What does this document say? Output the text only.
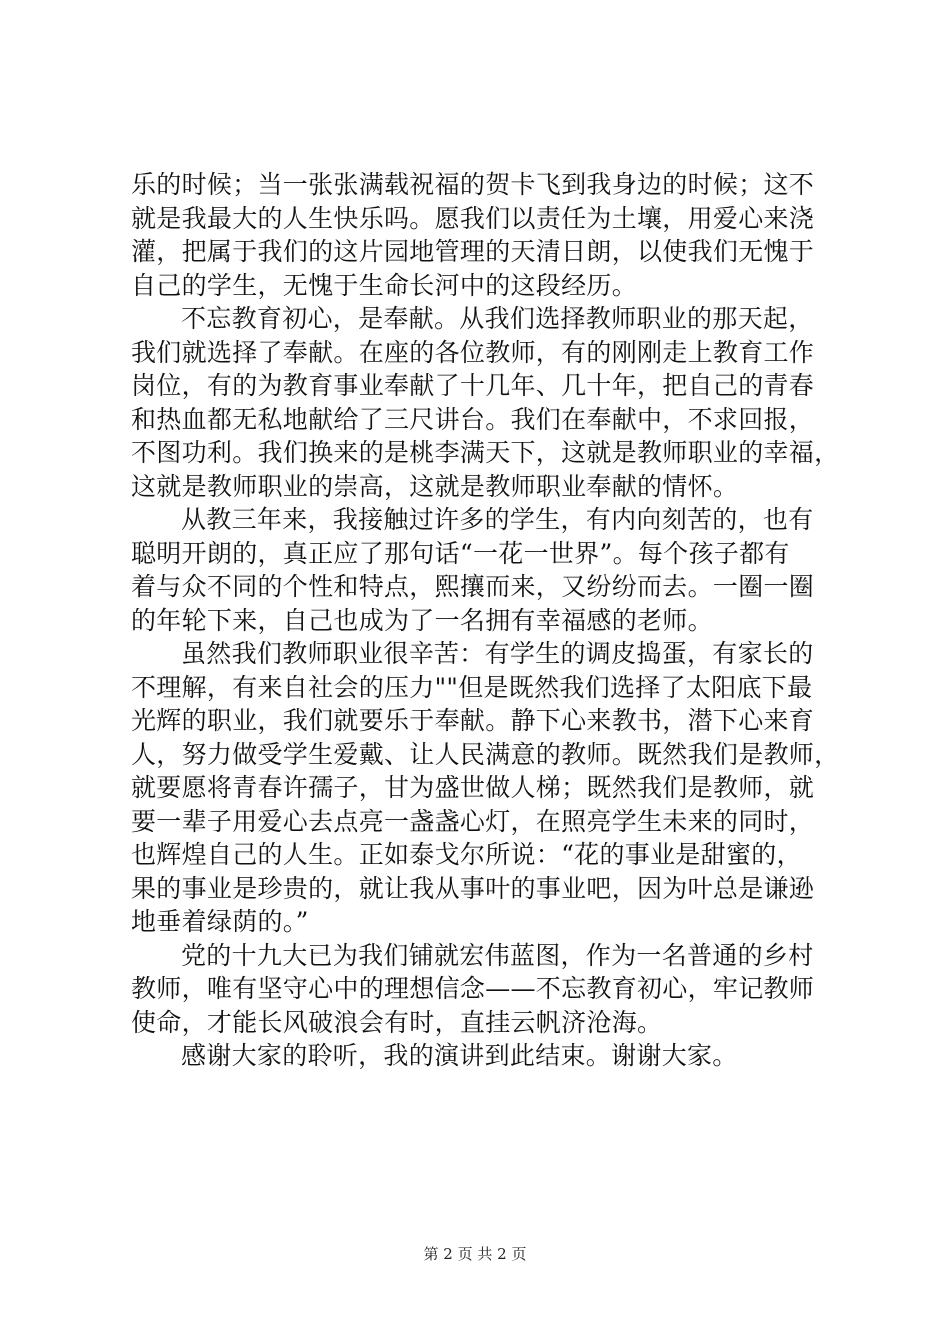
乐的时候；当一张张满载祝福的贺卡飞到我身边的时候；这不
就是我最大的人生快乐吗。愿我们以责任为土壤，用爱心来浇
灌，把属于我们的这片园地管理的天清日朗，以使我们无愧于
自己的学生，无愧于生命长河中的这段经历。
不忘教育初心，是奉献。从我们选择教师职业的那天起，
我们就选择了奉献。在座的各位教师，有的刚刚走上教育工作
岗位，有的为教育事业奉献了十几年、几十年，把自己的青春
和热血都无私地献给了三尺讲台。我们在奉献中，不求回报，
不图功利。我们换来的是桃李满天下，这就是教师职业的幸福，
这就是教师职业的崇高，这就是教师职业奉献的情怀。
从教三年来，我接触过许多的学生，有内向刻苦的，也有
聪明开朗的，真正应了那句话“一花一世界”。每个孩子都有
着与众不同的个性和特点，熙攘而来，又纷纷而去。一圈一圈
的年轮下来，自己也成为了一名拥有幸福感的老师。
虽然我们教师职业很辛苦：有学生的调皮捣蛋，有家长的
不理解，有来自社会的压力""但是既然我们选择了太阳底下最
光辉的职业，我们就要乐于奉献。静下心来教书，潜下心来育
人，努力做受学生爱戴、让人民满意的教师。既然我们是教师，
就要愿将青春许孺子，甘为盛世做人梯；既然我们是教师，就
要一辈子用爱心去点亮一盏盏心灯，在照亮学生未来的同时，
也辉煌自己的人生。正如泰戈尔所说：“花的事业是甜蜜的，
果的事业是珍贵的，就让我从事叶的事业吧，因为叶总是谦逊
地垂着绿荫的。”
党的十九大已为我们铺就宏伟蓝图，作为一名普通的乡村
教师，唯有坚守心中的理想信念——不忘教育初心，牢记教师
使命，才能长风破浪会有时，直挂云帆济沧海。
感谢大家的聆听，我的演讲到此结束。谢谢大家。
第 2 页 共 2 页
